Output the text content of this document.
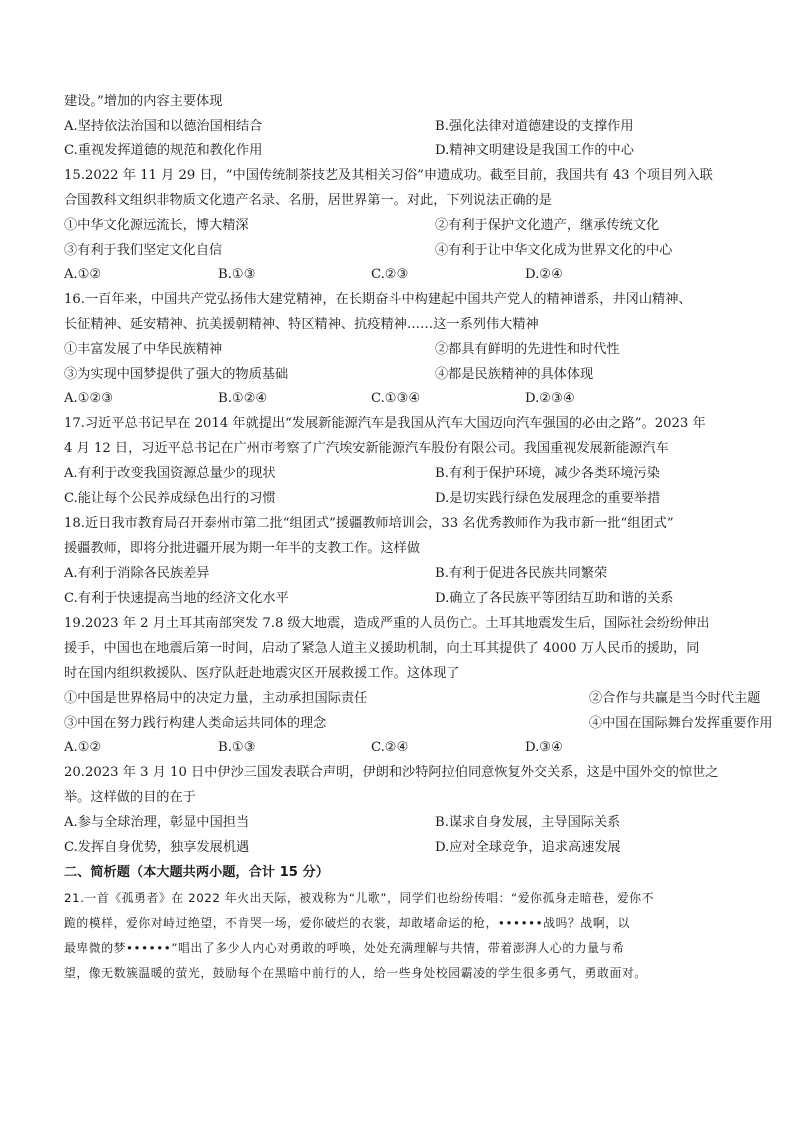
建设。”增加的内容主要体现
A.坚持依法治国和以德治国相结合	B.强化法律对道德建设的支撑作用
C.重视发挥道德的规范和教化作用	D.精神文明建设是我国工作的中心
15.2022 年 11 月 29 日，“中国传统制茶技艺及其相关习俗”申遗成功。截至目前，我国共有 43 个项目列入联
合国教科文组织非物质文化遗产名录、名册，居世界第一。对此，下列说法正确的是
①中华文化源远流长，博大精深	②有利于保护文化遗产，继承传统文化
③有利于我们坚定文化自信	④有利于让中华文化成为世界文化的中心
A.①②	B.①③	C.②③	D.②④
16.一百年来，中国共产党弘扬伟大建党精神，在长期奋斗中构建起中国共产党人的精神谱系，井冈山精神、
长征精神、延安精神、抗美援朝精神、特区精神、抗疫精神……这一系列伟大精神
①丰富发展了中华民族精神	②都具有鲜明的先进性和时代性
③为实现中国梦提供了强大的物质基础	④都是民族精神的具体体现
A.①②③	B.①②④	C.①③④	D.②③④
17.习近平总书记早在 2014 年就提出“发展新能源汽车是我国从汽车大国迈向汽车强国的必由之路”。2023 年
4 月 12 日，习近平总书记在广州市考察了广汽埃安新能源汽车股份有限公司。我国重视发展新能源汽车
A.有利于改变我国资源总量少的现状	B.有利于保护环境，减少各类环境污染
C.能让每个公民养成绿色出行的习惯	D.是切实践行绿色发展理念的重要举措
18.近日我市教育局召开泰州市第二批“组团式”援疆教师培训会，33 名优秀教师作为我市新一批“组团式”
援疆教师，即将分批进疆开展为期一年半的支教工作。这样做
A.有利于消除各民族差异	B.有利于促进各民族共同繁荣
C.有利于快速提高当地的经济文化水平	D.确立了各民族平等团结互助和谐的关系
19.2023 年 2 月土耳其南部突发 7.8 级大地震，造成严重的人员伤亡。土耳其地震发生后，国际社会纷纷伸出
援手，中国也在地震后第一时间，启动了紧急人道主义援助机制，向土耳其提供了 4000 万人民币的援助，同
时在国内组织救援队、医疗队赶赴地震灾区开展救援工作。这体现了
①中国是世界格局中的决定力量，主动承担国际责任	②合作与共赢是当今时代主题
③中国在努力践行构建人类命运共同体的理念	④中国在国际舞台发挥重要作用
A.①②	B.①③	C.②④	D.③④
20.2023 年 3 月 10 日中伊沙三国发表联合声明，伊朗和沙特阿拉伯同意恢复外交关系，这是中国外交的惊世之
举。这样做的目的在于
A.参与全球治理，彰显中国担当	B.谋求自身发展，主导国际关系
C.发挥自身优势，独享发展机遇	D.应对全球竞争，追求高速发展
二、简析题（本大题共两小题，合计 15 分）
21.一首《孤勇者》在 2022 年火出天际，被戏称为“儿歌”，同学们也纷纷传唱：“爱你孤身走暗巷，爱你不
跪的模样，爱你对峙过绝望，不肯哭一场，爱你破烂的衣裳，却敢堵命运的枪，••••••战吗？战啊，以
最卑微的梦••••••”唱出了多少人内心对勇敢的呼唤，处处充满理解与共情，带着澎湃人心的力量与希
望，像无数簇温暖的萤光，鼓励每个在黑暗中前行的人，给一些身处校园霸凌的学生很多勇气，勇敢面对。
